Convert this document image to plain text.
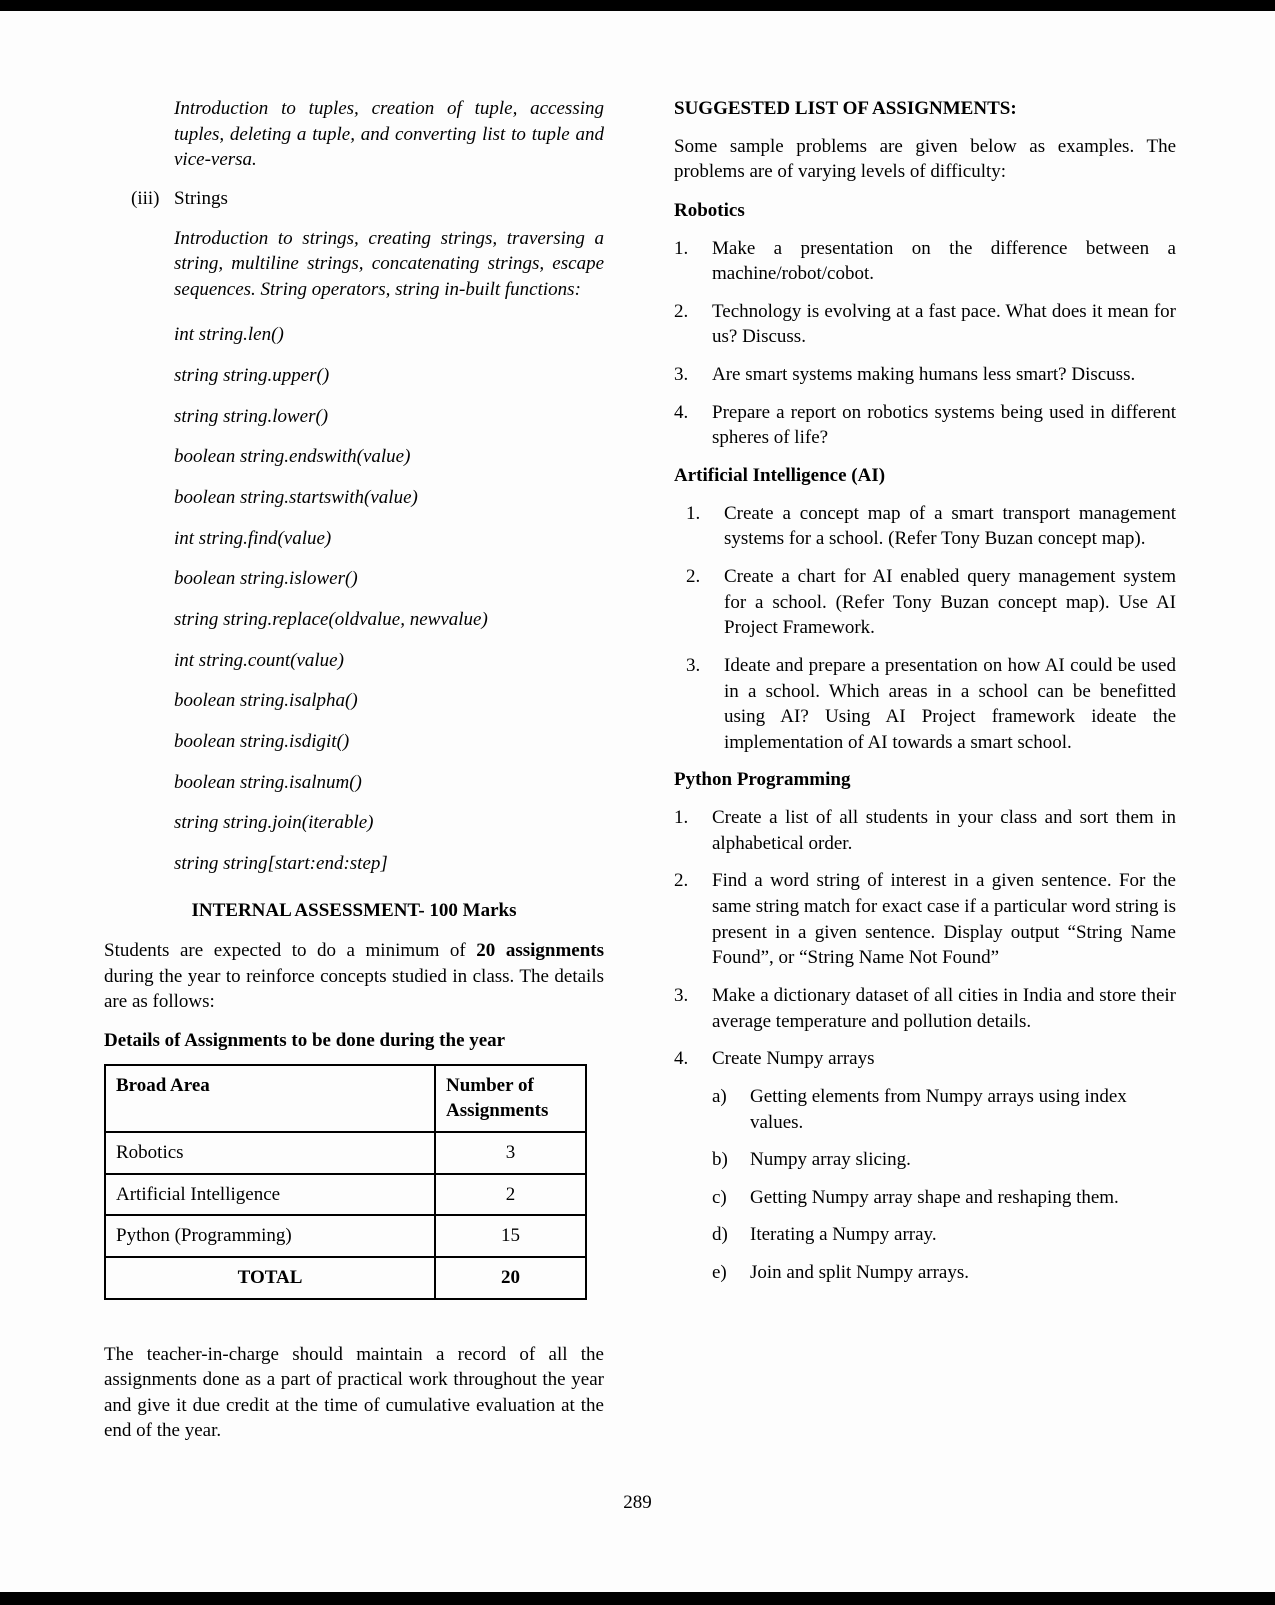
Introduction to tuples, creation of tuple, accessing tuples, deleting a tuple, and converting list to tuple and vice-versa.

(iii) Strings

Introduction to strings, creating strings, traversing a string, multiline strings, concatenating strings, escape sequences. String operators, string in-built functions:

int string.len()

string string.upper()

string string.lower()

boolean string.endswith(value)

boolean string.startswith(value)

int string.find(value)

boolean string.islower()

string string.replace(oldvalue, newvalue)

int string.count(value)

boolean string.isalpha()

boolean string.isdigit()

boolean string.isalnum()

string string.join(iterable)

string string[start:end:step]

INTERNAL ASSESSMENT- 100 Marks

Students are expected to do a minimum of 20 assignments during the year to reinforce concepts studied in class. The details are as follows:

Details of Assignments to be done during the year

Broad Area	Number of Assignments
Robotics	3
Artificial Intelligence	2
Python (Programming)	15
TOTAL	20

The teacher-in-charge should maintain a record of all the assignments done as a part of practical work throughout the year and give it due credit at the time of cumulative evaluation at the end of the year.

SUGGESTED LIST OF ASSIGNMENTS:

Some sample problems are given below as examples. The problems are of varying levels of difficulty:

Robotics
1.	Make a presentation on the difference between a machine/robot/cobot.
2.	Technology is evolving at a fast pace. What does it mean for us? Discuss.
3.	Are smart systems making humans less smart? Discuss.
4.	Prepare a report on robotics systems being used in different spheres of life?
Artificial Intelligence (AI)
1.	Create a concept map of a smart transport management systems for a school. (Refer Tony Buzan concept map).
2.	Create a chart for AI enabled query management system for a school. (Refer Tony Buzan concept map). Use AI Project Framework.
3.	Ideate and prepare a presentation on how AI could be used in a school. Which areas in a school can be benefitted using AI? Using AI Project framework ideate the implementation of AI towards a smart school.
Python Programming
1.	Create a list of all students in your class and sort them in alphabetical order.
2.	Find a word string of interest in a given sentence. For the same string match for exact case if a particular word string is present in a given sentence. Display output “String Name Found”, or “String Name Not Found”
3.	Make a dictionary dataset of all cities in India and store their average temperature and pollution details.
4.	Create Numpy arrays
a)	Getting elements from Numpy arrays using index values.
b)	Numpy array slicing.
c)	Getting Numpy array shape and reshaping them.
d)	Iterating a Numpy array.
e)	Join and split Numpy arrays.
289
